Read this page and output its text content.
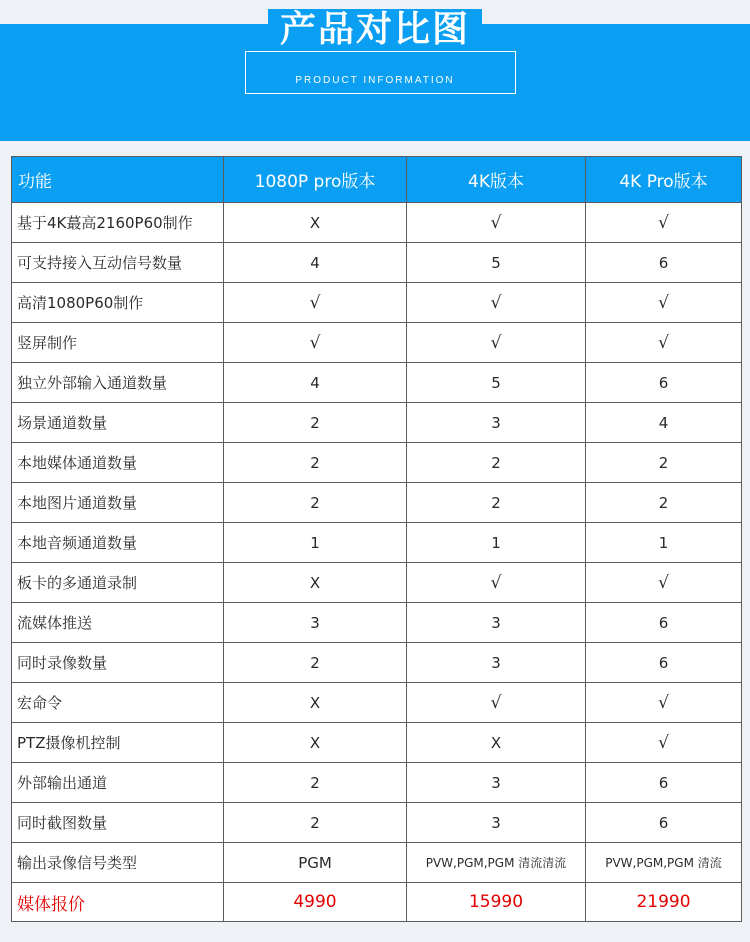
产品对比图
PRODUCT INFORMATION
功能	1080P pro版本	4K版本	4K Pro版本
基于4K蕞高2160P60制作	X	√	√
可支持接入互动信号数量	4	5	6
高清1080P60制作	√	√	√
竖屏制作	√	√	√
独立外部输入通道数量	4	5	6
场景通道数量	2	3	4
本地媒体通道数量	2	2	2
本地图片通道数量	2	2	2
本地音频通道数量	1	1	1
板卡的多通道录制	X	√	√
流媒体推送	3	3	6
同时录像数量	2	3	6
宏命令	X	√	√
PTZ摄像机控制	X	X	√
外部输出通道	2	3	6
同时截图数量	2	3	6
输出录像信号类型	PGM	PVW,PGM,PGM 清流清流	PVW,PGM,PGM 清流
媒体报价	4990	15990	21990
